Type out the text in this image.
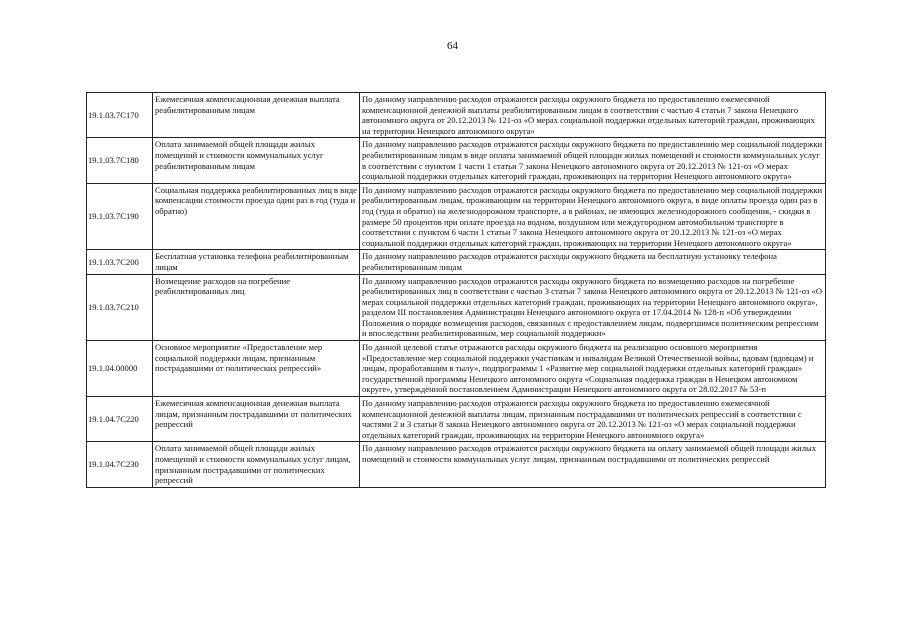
64
19.1.03.7С170	Ежемесячная компенсационная денежная выплата реабилитированным лицам	По данному направлению расходов отражаются расходы окружного бюджета по предоставлению ежемесячной компенсационной денежной выплаты реабилитированным лицам в соответствии с частью 4 статьи 7 закона Ненецкого автономного округа от 20.12.2013 № 121-оз «О мерах социальной поддержки отдельных категорий граждан, проживающих на территории Ненецкого автономного округа»
19.1.03.7С180	Оплата занимаемой общей площади жилых помещений и стоимости коммунальных услуг реабилитированным лицам	По данному направлению расходов отражаются расходы окружного бюджета по предоставлению мер социальной поддержки реабилитированным лицам в виде оплаты занимаемой общей площади жилых помещений и стоимости коммунальных услуг в соответствии с пунктом 1 части 1 статьи 7 закона Ненецкого автономного округа от 20.12.2013 № 121-оз «О мерах социальной поддержки отдельных категорий граждан, проживающих на территории Ненецкого автономного округа»
19.1.03.7С190	Социальная поддержка реабилитированных лиц в виде компенсации стоимости проезда один раз в год (туда и обратно)	По данному направлению расходов отражаются расходы окружного бюджета по предоставлению мер социальной поддержки реабилитированным лицам, проживающим на территории Ненецкого автономного округа, в виде оплаты проезда один раз в год (туда и обратно) на железнодорожном транспорте, а в районах, не имеющих железнодорожного сообщения, - скидки в размере 50 процентов при оплате проезда на водном, воздушном или междугородном автомобильном транспорте в соответствии с пунктом 6 части 1 статьи 7 закона Ненецкого автономного округа от 20.12.2013 № 121-оз «О мерах социальной поддержки отдельных категорий граждан, проживающих на территории Ненецкого автономного округа»
19.1.03.7С200	Бесплатная установка телефона реабилитированным лицам	По данному направлению расходов отражаются расходы окружного бюджета на бесплатную установку телефона реабилитированным лицам
19.1.03.7С210	Возмещение расходов на погребение реабилитированных лиц	По данному направлению расходов отражаются расходы окружного бюджета по возмещению расходов на погребение реабилитированных лиц в соответствии с частью 3 статьи 7 закона Ненецкого автономного округа от 20.12.2013 № 121-оз «О мерах социальной поддержки отдельных категорий граждан, проживающих на территории Ненецкого автономного округа», разделом III постановления Администрации Ненецкого автономного округа от 17.04.2014 № 128-п «Об утверждении Положения о порядке возмещения расходов, связанных с предоставлением лицам, подвергшимся политическим репрессиям и впоследствии реабилитированным, мер социальной поддержки»
19.1.04.00000	Основное мероприятие «Предоставление мер социальной поддержки лицам, признанным пострадавшими от политических репрессий»	По данной целевой статье отражаются расходы окружного бюджета на реализацию основного мероприятия «Предоставление мер социальной поддержки участникам и инвалидам Великой Отечественной войны, вдовам (вдовцам) и лицам, проработавшим в тылу», подпрограммы 1 «Развитие мер социальной поддержки отдельных категорий граждан» государственной программы Ненецкого автономного округа «Социальная поддержка граждан в Ненецком автономном округе», утверждённой постановлением Администрации Ненецкого автономного округа от 28.02.2017 № 53-п
19.1.04.7С220	Ежемесячная компенсационная денежная выплата лицам, признанным пострадавшими от политических репрессий	По данному направлению расходов отражаются расходы окружного бюджета по предоставлению ежемесячной компенсационной денежной выплаты лицам, признанным пострадавшими от политических репрессий в соответствии с частями 2 и 3 статьи 8 закона Ненецкого автономного округа от 20.12.2013 № 121-оз «О мерах социальной поддержки отдельных категорий граждан, проживающих на территории Ненецкого автономного округа»
19.1.04.7С230	Оплата занимаемой общей площади жилых помещений и стоимости коммунальных услуг лицам, признанным пострадавшими от политических репрессий	По данному направлению расходов отражаются расходы окружного бюджета на оплату занимаемой общей площади жилых помещений и стоимости коммунальных услуг лицам, признанным пострадавшими от политических репрессий
